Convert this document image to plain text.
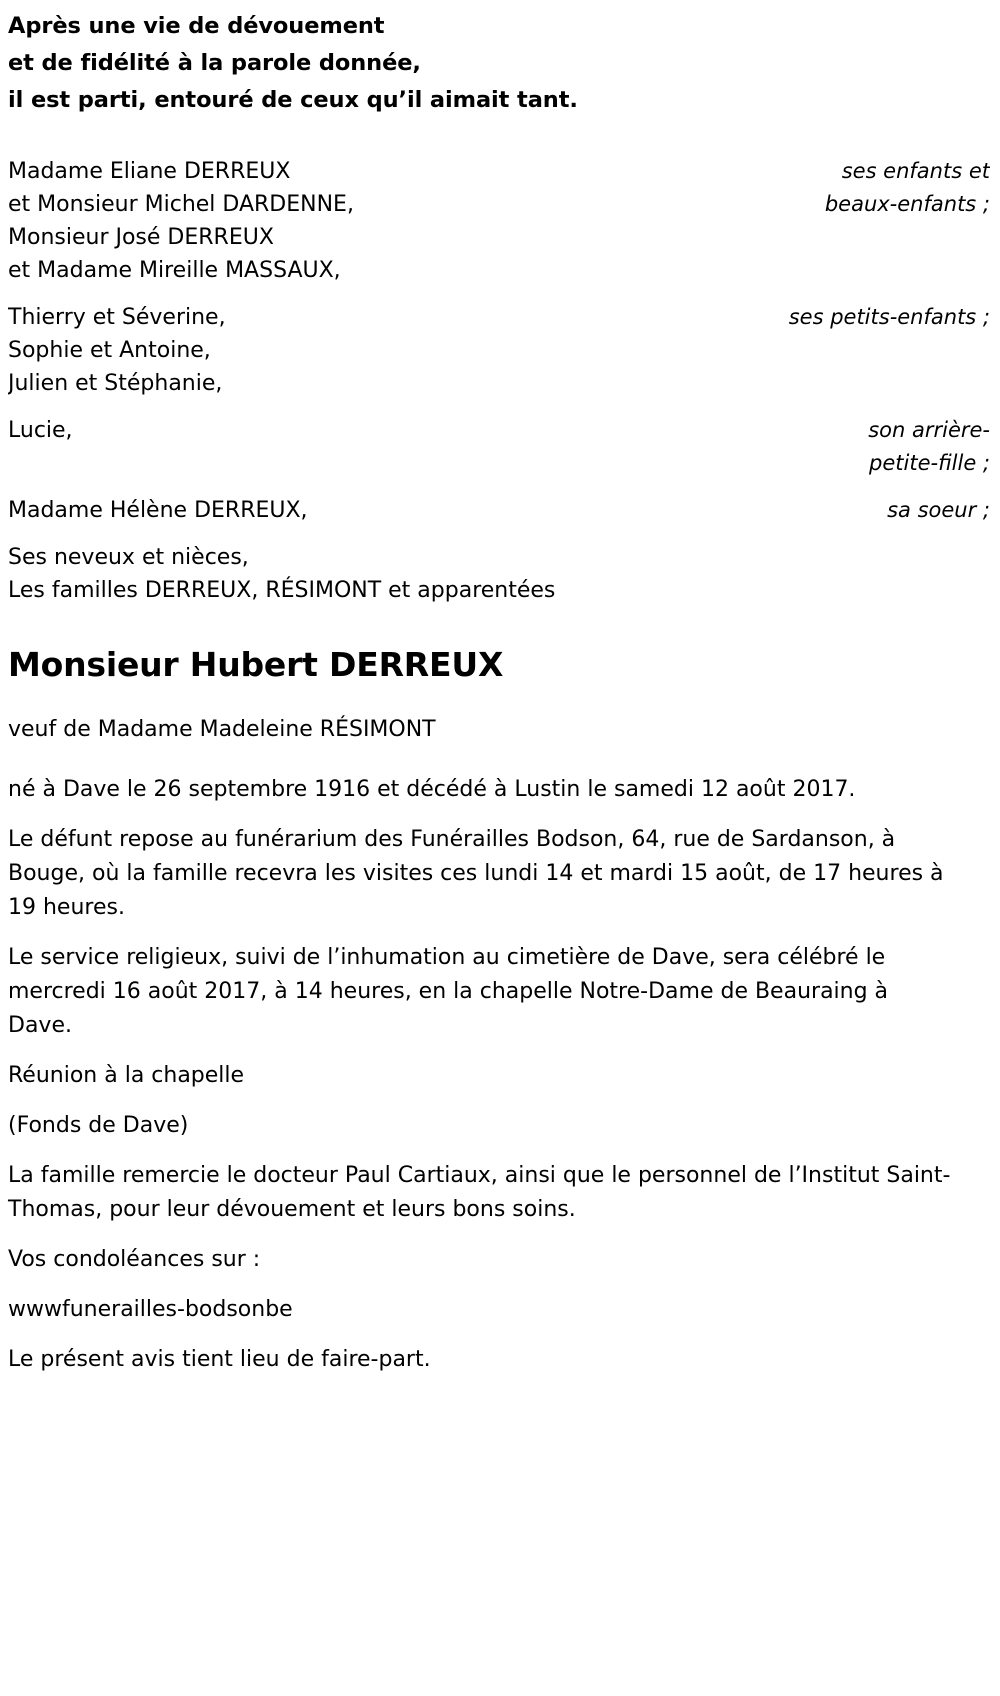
Après une vie de dévouement
et de fidélité à la parole donnée,
il est parti, entouré de ceux qu’il aimait tant.
Madame Eliane DERREUX
et Monsieur Michel DARDENNE,
Monsieur José DERREUX
et Madame Mireille MASSAUX,
ses enfants et
beaux-enfants ;
Thierry et Séverine,
Sophie et Antoine,
Julien et Stéphanie,
ses petits-enfants ;
Lucie,	son arrière-
petite-fille ;
Madame Hélène DERREUX,	sa soeur ;
Ses neveux et nièces,
Les familles DERREUX, RÉSIMONT et apparentées
Monsieur Hubert DERREUX
veuf de Madame Madeleine RÉSIMONT

né à Dave le 26 septembre 1916 et décédé à Lustin le samedi 12 août 2017.

Le défunt repose au funérarium des Funérailles Bodson, 64, rue de Sardanson, à Bouge, où la famille recevra les visites ces lundi 14 et mardi 15 août, de 17 heures à 19 heures.

Le service religieux, suivi de l’inhumation au cimetière de Dave, sera célébré le mercredi 16 août 2017, à 14 heures, en la chapelle Notre-Dame de Beauraing à Dave.

Réunion à la chapelle

(Fonds de Dave)

La famille remercie le docteur Paul Cartiaux, ainsi que le personnel de l’Institut Saint-Thomas, pour leur dévouement et leurs bons soins.

Vos condoléances sur :

wwwfunerailles-bodsonbe

Le présent avis tient lieu de faire-part.
